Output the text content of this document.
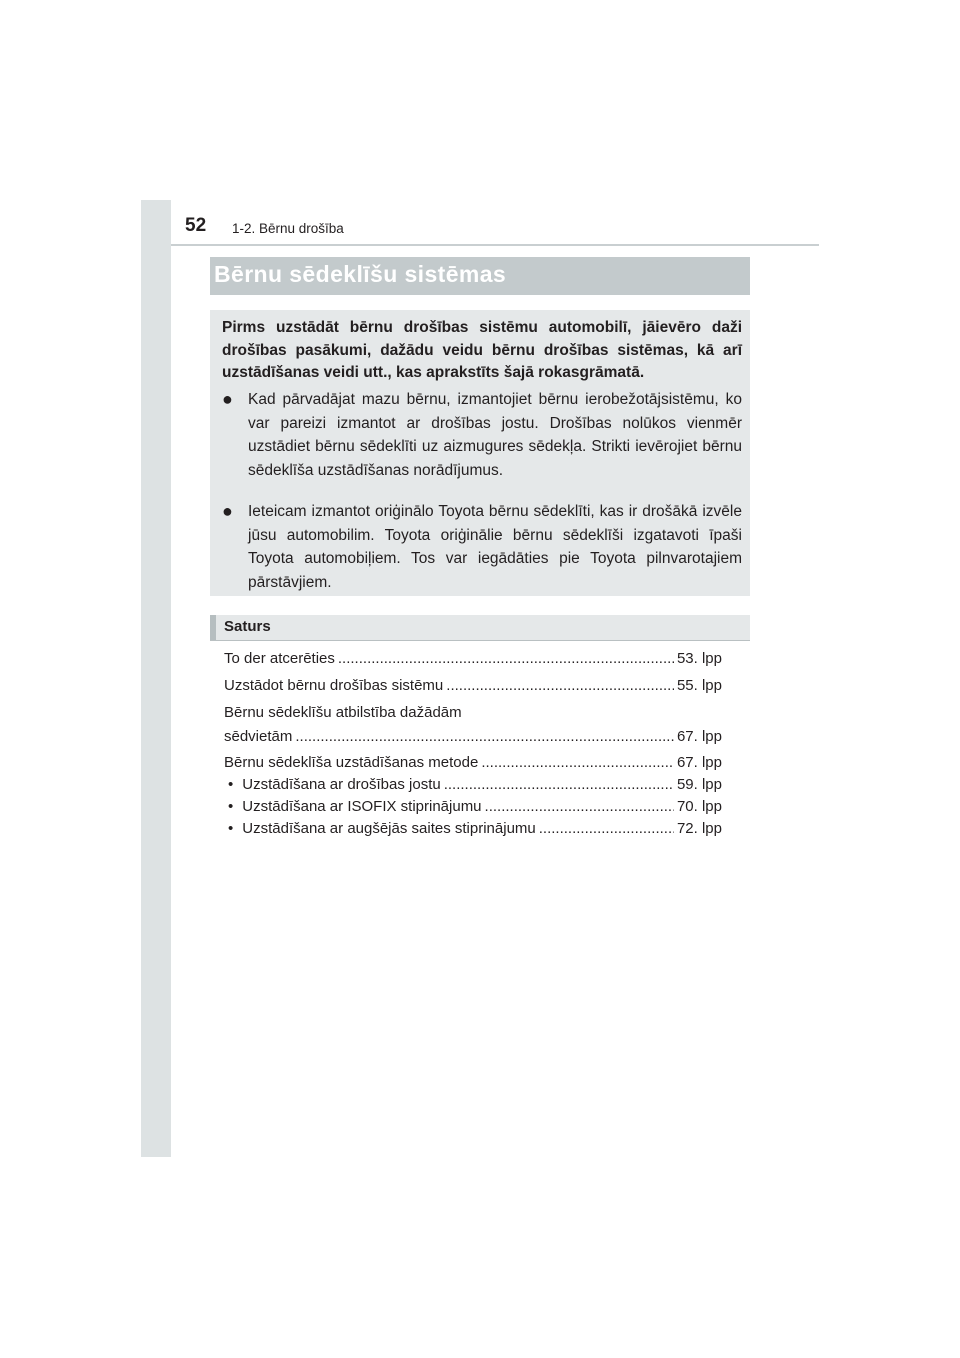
52 1-2. Bērnu drošība
Bērnu sēdeklīšu sistēmas
Pirms uzstādāt bērnu drošības sistēmu automobilī, jāievēro daži drošības pasākumi, dažādu veidu bērnu drošības sistēmas, kā arī uzstādīšanas veidi utt., kas aprakstīts šajā rokasgrāmatā.
● Kad pārvadājat mazu bērnu, izmantojiet bērnu ierobežotājsistēmu, ko var pareizi izmantot ar drošības jostu. Drošības nolūkos vienmēr uzstādiet bērnu sēdeklīti uz aizmugures sēdekļa. Strikti ievērojiet bērnu sēdeklīša uzstādīšanas norādījumus.
● Ieteicam izmantot oriģinālo Toyota bērnu sēdeklīti, kas ir drošākā izvēle jūsu automobilim. Toyota oriģinālie bērnu sēdeklīši izgatavoti īpaši Toyota automobiļiem. Tos var iegādāties pie Toyota pilnvarotajiem pārstāvjiem.
Saturs
To der atcerēties .....	53. lpp
Uzstādot bērnu drošības sistēmu .....	55. lpp
Bērnu sēdeklīšu atbilstība dažādām
sēdvietām .....	67. lpp
Bērnu sēdeklīša uzstādīšanas metode .....	67. lpp
• Uzstādīšana ar drošības jostu .....	59. lpp
• Uzstādīšana ar ISOFIX stiprinājumu .....	70. lpp
• Uzstādīšana ar augšējās saites stiprinājumu .....	72. lpp
